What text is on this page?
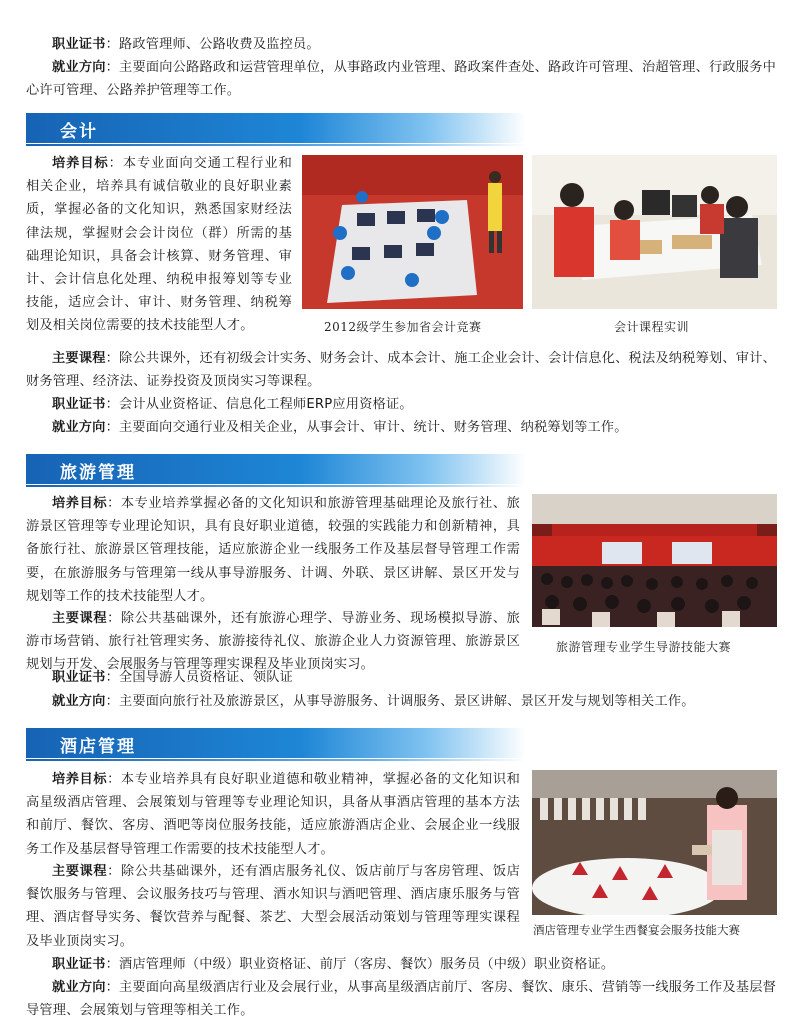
职业证书：路政管理师、公路收费及监控员。

就业方向：主要面向公路路政和运营管理单位，从事路政内业管理、路政案件查处、路政许可管理、治超管理、行政服务中心许可管理、公路养护管理等工作。

会计

培养目标：本专业面向交通工程行业和相关企业，培养具有诚信敬业的良好职业素质，掌握必备的文化知识，熟悉国家财经法律法规，掌握财会会计岗位（群）所需的基础理论知识，具备会计核算、财务管理、审计、会计信息化处理、纳税申报筹划等专业技能，适应会计、审计、财务管理、纳税筹划及相关岗位需要的技术技能型人才。	2012级学生参加省会计竞赛	会计课程实训

主要课程：除公共课外，还有初级会计实务、财务会计、成本会计、施工企业会计、会计信息化、税法及纳税筹划、审计、财务管理、经济法、证券投资及顶岗实习等课程。

职业证书：会计从业资格证、信息化工程师ERP应用资格证。

就业方向：主要面向交通行业及相关企业，从事会计、审计、统计、财务管理、纳税筹划等工作。

旅游管理

培养目标：本专业培养掌握必备的文化知识和旅游管理基础理论及旅行社、旅游景区管理等专业理论知识，具有良好职业道德，较强的实践能力和创新精神，具备旅行社、旅游景区管理技能，适应旅游企业一线服务工作及基层督导管理工作需要，在旅游服务与管理第一线从事导游服务、计调、外联、景区讲解、景区开发与规划等工作的技术技能型人才。

主要课程：除公共基础课外，还有旅游心理学、导游业务、现场模拟导游、旅游市场营销、旅行社管理实务、旅游接待礼仪、旅游企业人力资源管理、旅游景区规划与开发、会展服务与管理等理实课程及毕业顶岗实习。

旅游管理专业学生导游技能大赛

职业证书：全国导游人员资格证、领队证

就业方向：主要面向旅行社及旅游景区，从事导游服务、计调服务、景区讲解、景区开发与规划等相关工作。

酒店管理

培养目标：本专业培养具有良好职业道德和敬业精神，掌握必备的文化知识和高星级酒店管理、会展策划与管理等专业理论知识，具备从事酒店管理的基本方法和前厅、餐饮、客房、酒吧等岗位服务技能，适应旅游酒店企业、会展企业一线服务工作及基层督导管理工作需要的技术技能型人才。

主要课程：除公共基础课外，还有酒店服务礼仪、饭店前厅与客房管理、饭店餐饮服务与管理、会议服务技巧与管理、酒水知识与酒吧管理、酒店康乐服务与管理、酒店督导实务、餐饮营养与配餐、茶艺、大型会展活动策划与管理等理实课程及毕业顶岗实习。

酒店管理专业学生西餐宴会服务技能大赛

职业证书：酒店管理师（中级）职业资格证、前厅（客房、餐饮）服务员（中级）职业资格证。

就业方向：主要面向高星级酒店行业及会展行业，从事高星级酒店前厅、客房、餐饮、康乐、营销等一线服务工作及基层督导管理、会展策划与管理等相关工作。
